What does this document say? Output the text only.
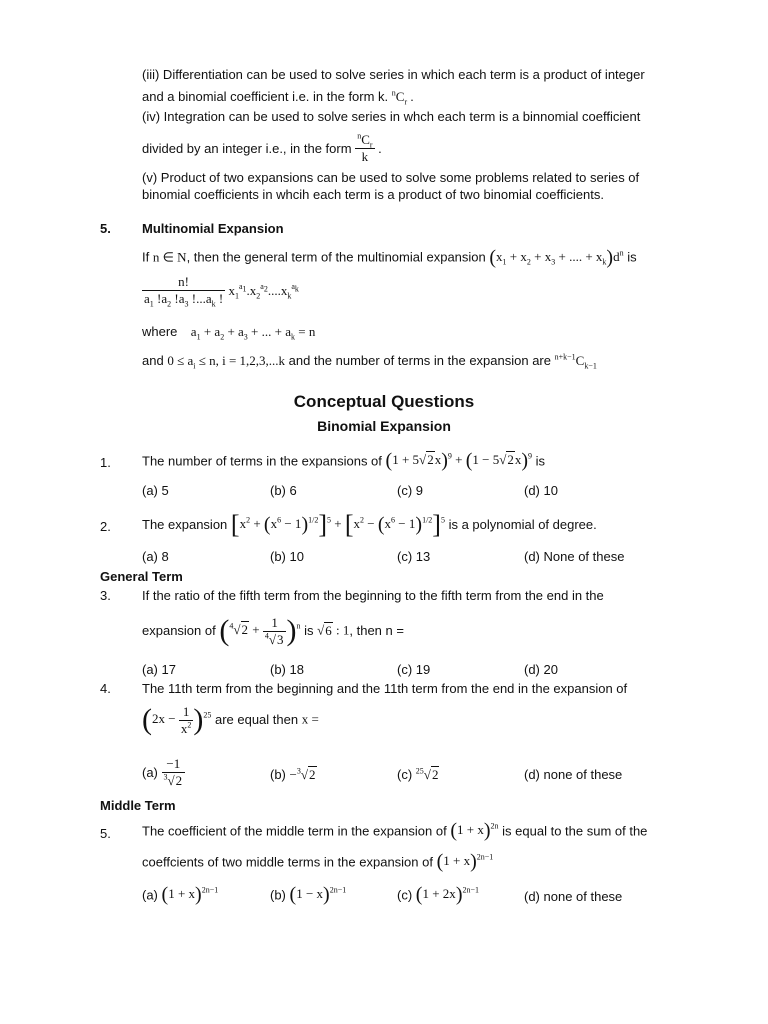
(iii) Differentiation can be used to solve series in which each term is a product of integer
and a binomial coefficient i.e. in the form k. $^nC_r$ .
(iv) Integration can be used to solve series in whch each term is a binnomial coefficient
divided by an integer i.e., in the form $\frac{^nC_r}{k}$ .
(v) Product of two expansions can be used to solve some problems related to series of
binomial coefficients in whcih each term is a product of two binomial coefficients.
5. Multinomial Expansion
If n ∈ N, then the general term of the multinomial expansion ($x_1 + x_2 + x_3$ + .... + $x_k)d^n$ is
$\frac{n!}{a_1 !a_2 !a_3 !...a_k !} x_1^{a_1}.x_2^{a_2}....x_k^{a_k}$
where    $a_1 + a_2 + a_3$ + ... + $a_k = n$
and $0 \le a_i \le n$, i = 1,2,3,...k and the number of terms in the expansion are $^{n+k-1}C_{k-1}$
Conceptual Questions
Binomial Expansion
1. The number of terms in the expansions of $(1 + 5√2x)^9 + (1 - 5√2x)^9$ is
(a) 5	(b) 6	(c) 9	(d) 10
2. The expansion $[x^2 + (x^6 - 1)^{1/2}]^5 + [x^2 - (x^6 - 1)^{1/2}]^5$ is a polynomial of degree.
(a) 8	(b) 10	(c) 13	(d) None of these
General Term
3. If the ratio of the fifth term from the beginning to the fifth term from the end in the
expansion of $(^4√2 + \frac{1}{^4√3} )^n$ is √6 : 1, then n =
(a) 17	(b) 18	(c) 19	(d) 20
4. The 11th term from the beginning and the 11th term from the end in the expansion of
$(2x - \frac{1}{x^2} )^{25}$ are equal then x =
$(a) \frac{-1}{^3√2}$	(b) −$^3$√2	(c) $^{25}$√2	(d) none of these
Middle Term
5. The coefficient of the middle term in the expansion of $(1 + x)^{2n}$ is equal to the sum of the
coeffcients of two middle terms in the expansion of $(1 + x)^{2n-1}$
(a) $(1 + x)^{2n-1}$	(b) $(1 - x)^{2n-1}$	(c) $(1 + 2x)^{2n-1}$	(d) none of these
